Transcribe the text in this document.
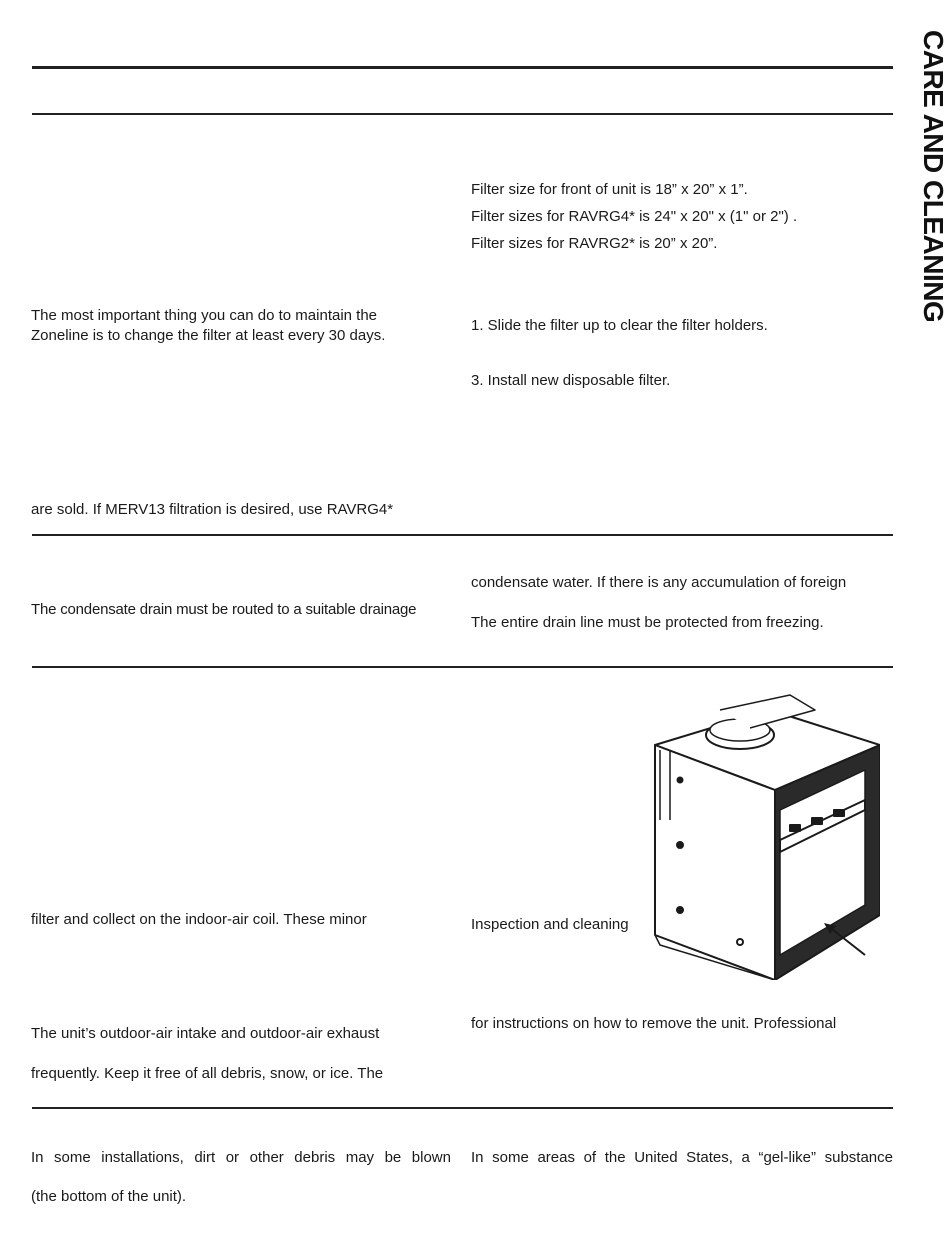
CARE AND CLEANING
Filter size for front of unit is 18” x 20” x 1”.
Filter sizes for RAVRG4* is 24" x 20" x (1" or 2") .
Filter sizes for RAVRG2* is 20” x 20”.
The most important thing you can do to maintain the
Zoneline is to change the filter at least every 30 days.
1. Slide the filter up to clear the filter holders.
3. Install new disposable filter.
are sold. If MERV13 filtration is desired, use RAVRG4*
condensate water. If there is any accumulation of foreign
The condensate drain must be routed to a suitable drainage
The entire drain line must be protected from freezing.
filter and collect on the indoor-air coil. These minor	Inspection and cleaning
The unit’s outdoor-air intake and outdoor-air exhaust
for instructions on how to remove the unit. Professional
frequently. Keep it free of all debris, snow, or ice. The
In some installations, dirt or other debris may be blown
(the bottom of the unit).
In some areas of the United States, a “gel-like” substance
